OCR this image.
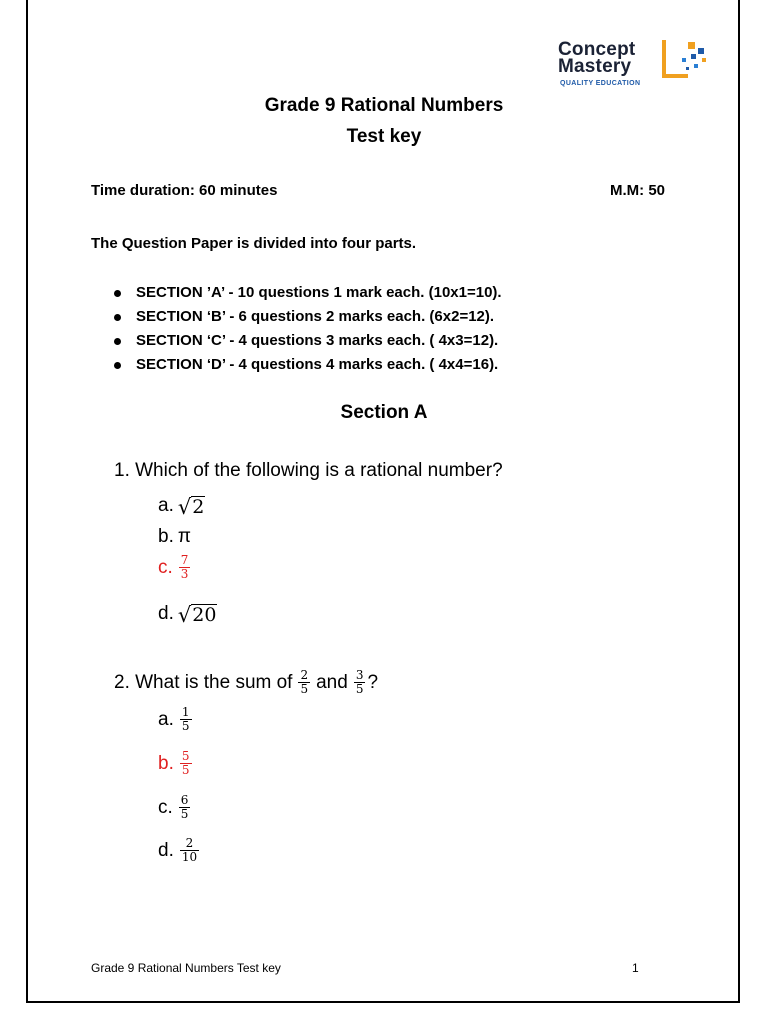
Concept
Mastery
QUALITY EDUCATION
Grade 9 Rational Numbers
Test key
Time duration: 60 minutes	M.M: 50
The Question Paper is divided into four parts.
SECTION ’A’ - 10 questions 1 mark each. (10x1=10).
SECTION ‘B’ - 6 questions 2 marks each. (6x2=12).
SECTION ‘C’ - 4 questions 3 marks each. ( 4x3=12).
SECTION ‘D’ - 4 questions 4 marks each. ( 4x4=16).
Section A
1. Which of the following is a rational number?
a. √ 2
b. π
c. $\frac{7}{3}$
d. √ 20
2. What is the sum of $\frac{2}{5}$ and $\frac{3}{5}$ ?
a. $\frac{1}{5}$
b. $\frac{5}{5}$
c. $\frac{6}{5}$
d. $\frac{2}{10}$
Grade 9 Rational Numbers Test key	1
